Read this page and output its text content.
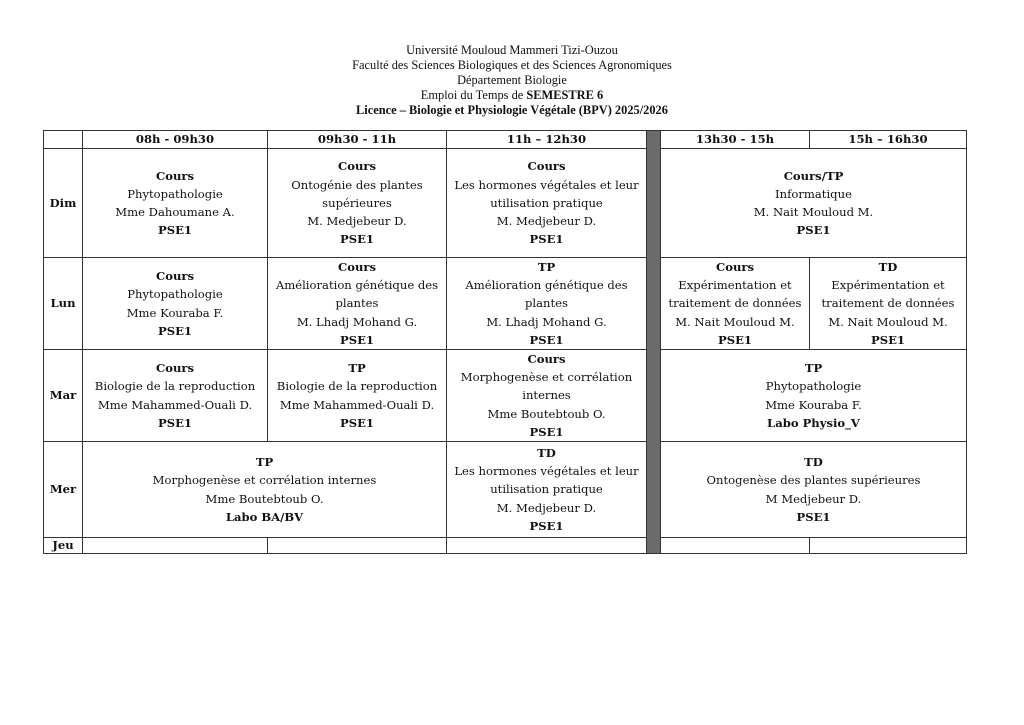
Université Mouloud Mammeri Tizi-Ouzou
Faculté des Sciences Biologiques et des Sciences Agronomiques
Département Biologie
Emploi du Temps de SEMESTRE 6
Licence – Biologie et Physiologie Végétale (BPV) 2025/2026
	08h - 09h30	09h30 - 11h	11h – 12h30		13h30 - 15h	15h – 16h30
Dim	Cours
Phytopathologie
Mme Dahoumane A.
PSE1	Cours
Ontogénie des plantes
supérieures
M. Medjebeur D.
PSE1	Cours
Les hormones végétales et leur
utilisation pratique
M. Medjebeur D.
PSE1		Cours/TP
Informatique
M. Nait Mouloud M.
PSE1	

Lun	Cours
Phytopathologie
Mme Kouraba F.
PSE1	Cours
Amélioration génétique des
plantes
M. Lhadj Mohand G.
PSE1	TP
Amélioration génétique des
plantes
M. Lhadj Mohand G.
PSE1		Cours
Expérimentation et
traitement de données
M. Nait Mouloud M.
PSE1	TD
Expérimentation et
traitement de données
M. Nait Mouloud M.
PSE1

Mar	Cours
Biologie de la reproduction
Mme Mahammed-Ouali D.
PSE1	TP
Biologie de la reproduction
Mme Mahammed-Ouali D.
PSE1	Cours
Morphogenèse et corrélation
internes
Mme Boutebtoub O.
PSE1		TP
Phytopathologie
Mme Kouraba F.
Labo Physio_V	

Mer	TP
Morphogenèse et corrélation internes
Mme Boutebtoub O.
Labo BA/BV		TD
Les hormones végétales et leur
utilisation pratique
M. Medjebeur D.
PSE1		TD
Ontogenèse des plantes supérieures
M Medjebeur D.
PSE1	

Jeu						
